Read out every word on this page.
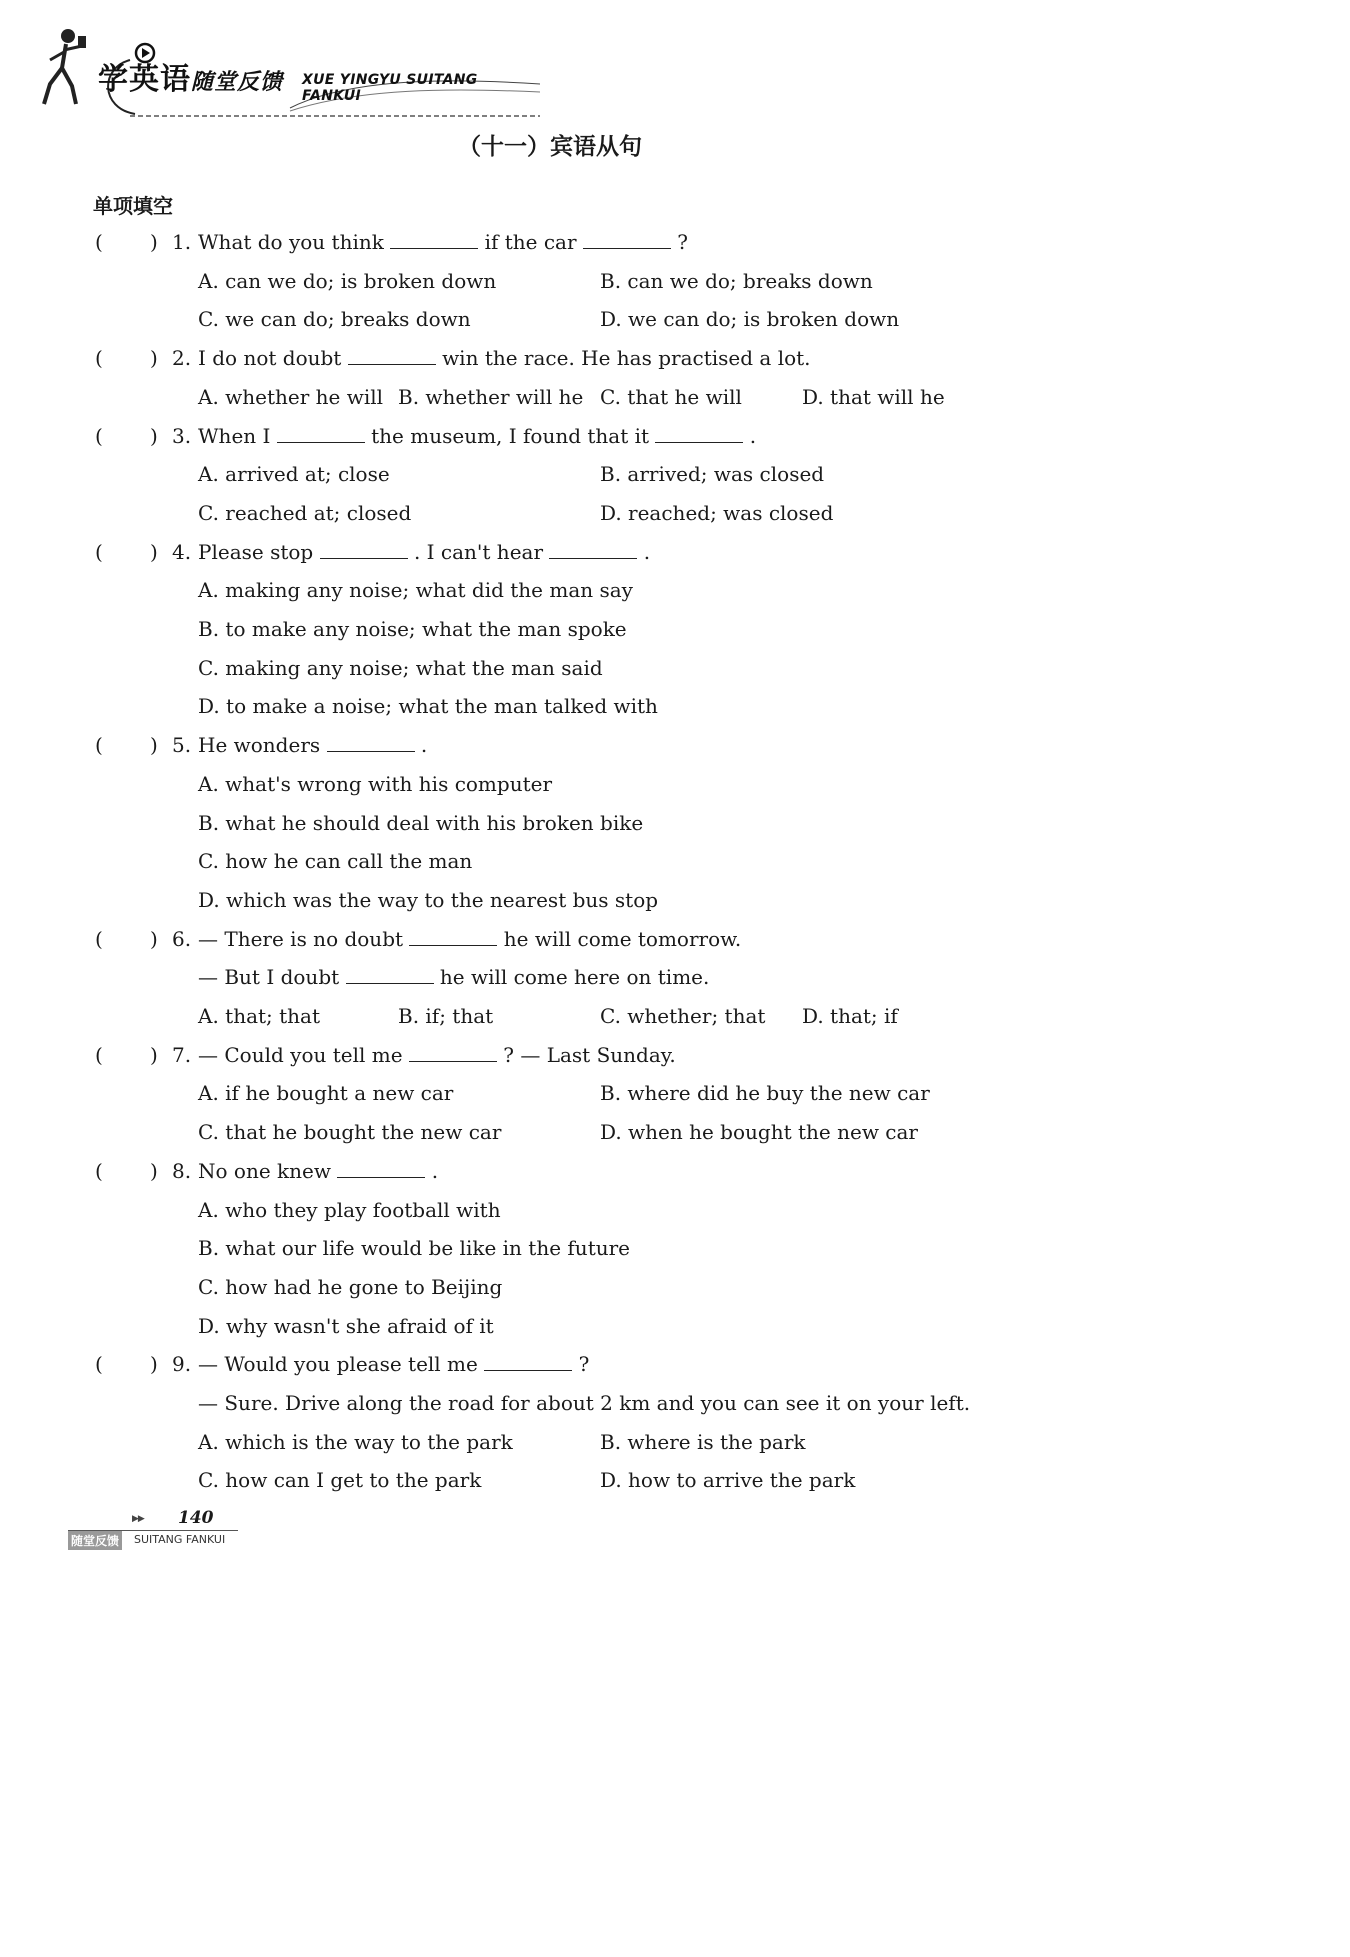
学英语随堂反馈 XUE YINGYU SUITANG FANKUI
（十一）宾语从句
单项填空
( ) 1. What do you think	if the car	?
A. can we do; is broken down	B. can we do; breaks down
C. we can do; breaks down	D. we can do; is broken down
( ) 2. I do not doubt	win the race. He has practised a lot.
A. whether he will B. whether will he C. that he will	D. that will he
( ) 3. When I	the museum, I found that it	.
A. arrived at; close	B. arrived; was closed
C. reached at; closed	D. reached; was closed
( ) 4. Please stop	. I can't hear	.
A. making any noise; what did the man say
B. to make any noise; what the man spoke
C. making any noise; what the man said
D. to make a noise; what the man talked with
( ) 5. He wonders	.
A. what's wrong with his computer
B. what he should deal with his broken bike
C. how he can call the man
D. which was the way to the nearest bus stop
( ) 6. — There is no doubt	he will come tomorrow.
— But I doubt	he will come here on time.
A. that; that	B. if; that	C. whether; that D. that; if
( ) 7. — Could you tell me	? — Last Sunday.
A. if he bought a new car	B. where did he buy the new car
C. that he bought the new car	D. when he bought the new car
( ) 8. No one knew	.
A. who they play football with
B. what our life would be like in the future
C. how had he gone to Beijing
D. why wasn't she afraid of it
( ) 9. — Would you please tell me	?
— Sure. Drive along the road for about 2 km and you can see it on your left.
A. which is the way to the park	B. where is the park
C. how can I get to the park	D. how to arrive the park
▶▶ 140
随堂反馈 SUITANG FANKUI
